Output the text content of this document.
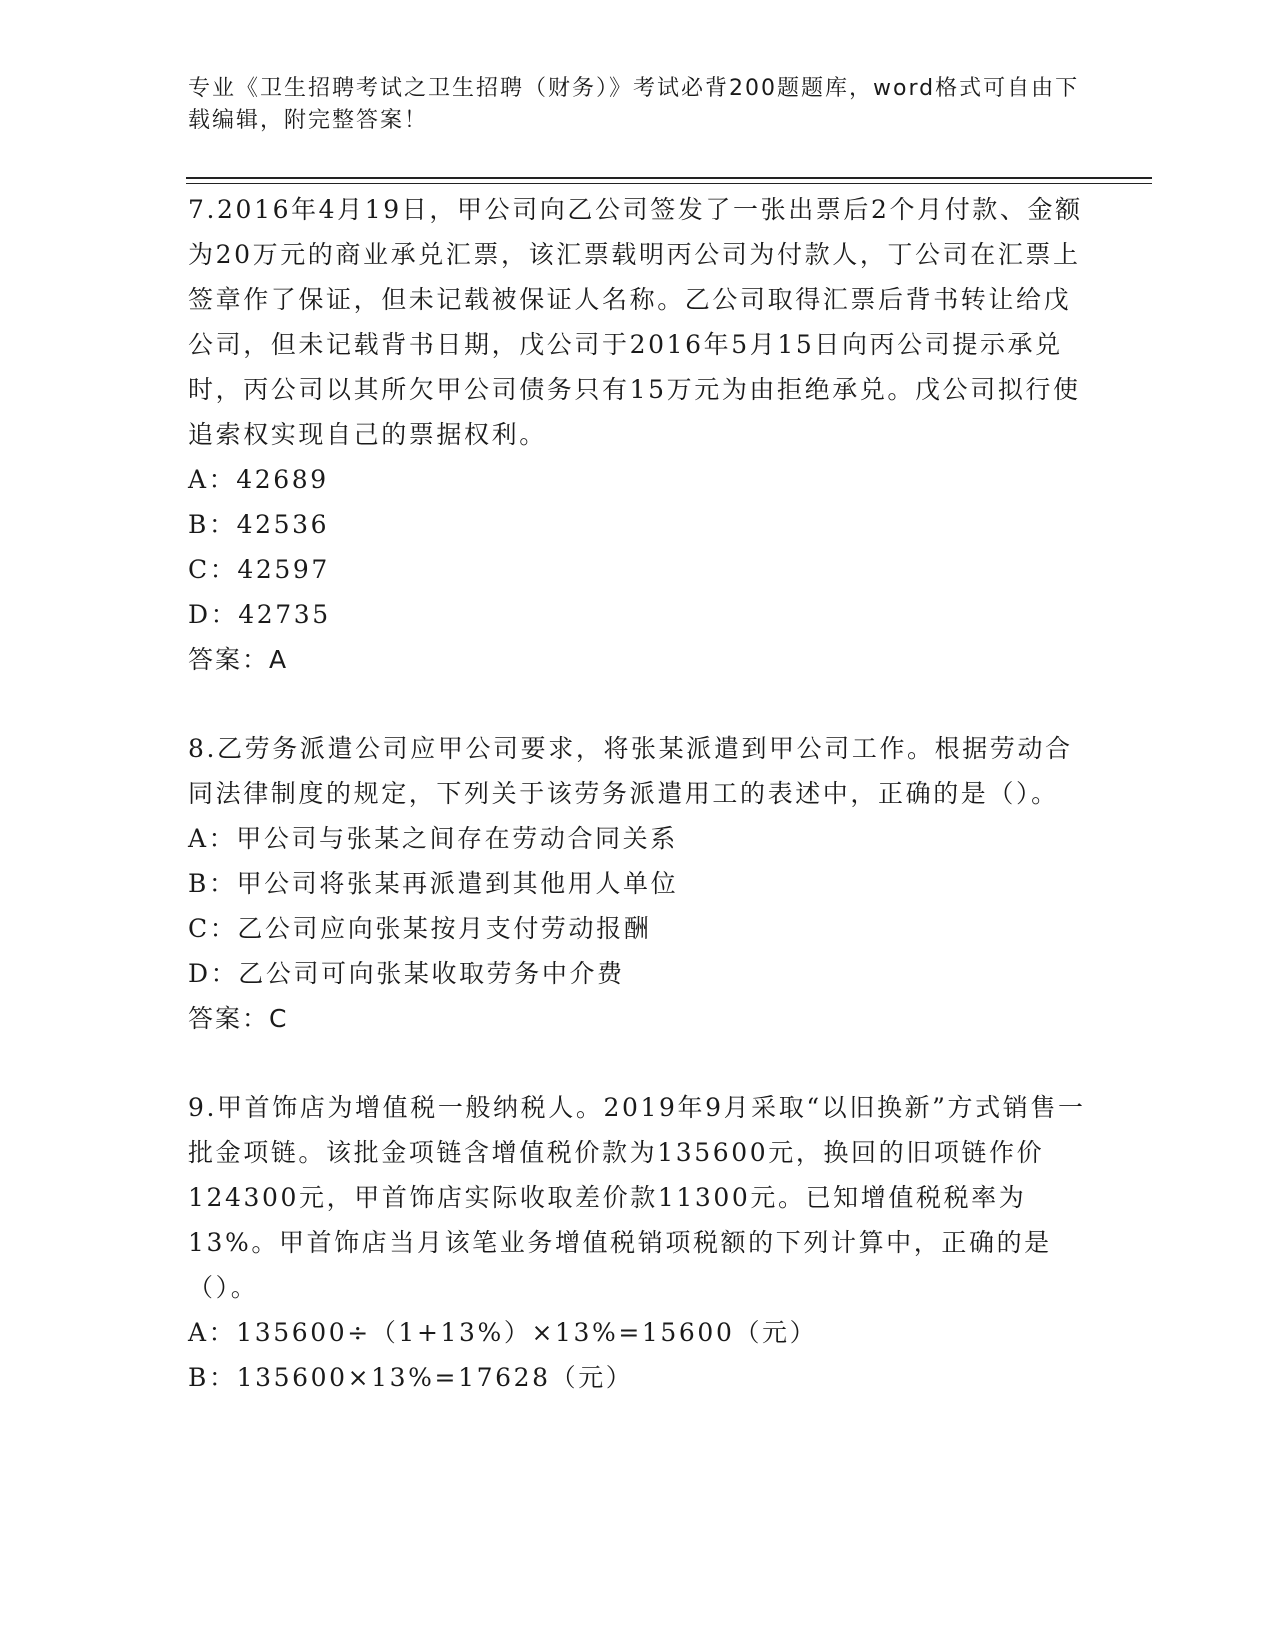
专业《卫生招聘考试之卫生招聘（财务）》考试必背200题题库，word格式可自由下载编辑，附完整答案！

7.2016年4月19日，甲公司向乙公司签发了一张出票后2个月付款、金额为20万元的商业承兑汇票，该汇票载明丙公司为付款人，丁公司在汇票上签章作了保证，但未记载被保证人名称。乙公司取得汇票后背书转让给戊公司，但未记载背书日期，戊公司于2016年5月15日向丙公司提示承兑时，丙公司以其所欠甲公司债务只有15万元为由拒绝承兑。戊公司拟行使追索权实现自己的票据权利。

A：42689

B：42536

C：42597

D：42735

答案：A

8.乙劳务派遣公司应甲公司要求，将张某派遣到甲公司工作。根据劳动合同法律制度的规定，下列关于该劳务派遣用工的表述中，正确的是（）。

A：甲公司与张某之间存在劳动合同关系

B：甲公司将张某再派遣到其他用人单位

C：乙公司应向张某按月支付劳动报酬

D：乙公司可向张某收取劳务中介费

答案：C

9.甲首饰店为增值税一般纳税人。2019年9月采取“以旧换新”方式销售一批金项链。该批金项链含增值税价款为135600元，换回的旧项链作价124300元，甲首饰店实际收取差价款11300元。已知增值税税率为13%。甲首饰店当月该笔业务增值税销项税额的下列计算中，正确的是（）。

A：135600÷（1+13%）×13%=15600（元）

B：135600×13%=17628（元）
